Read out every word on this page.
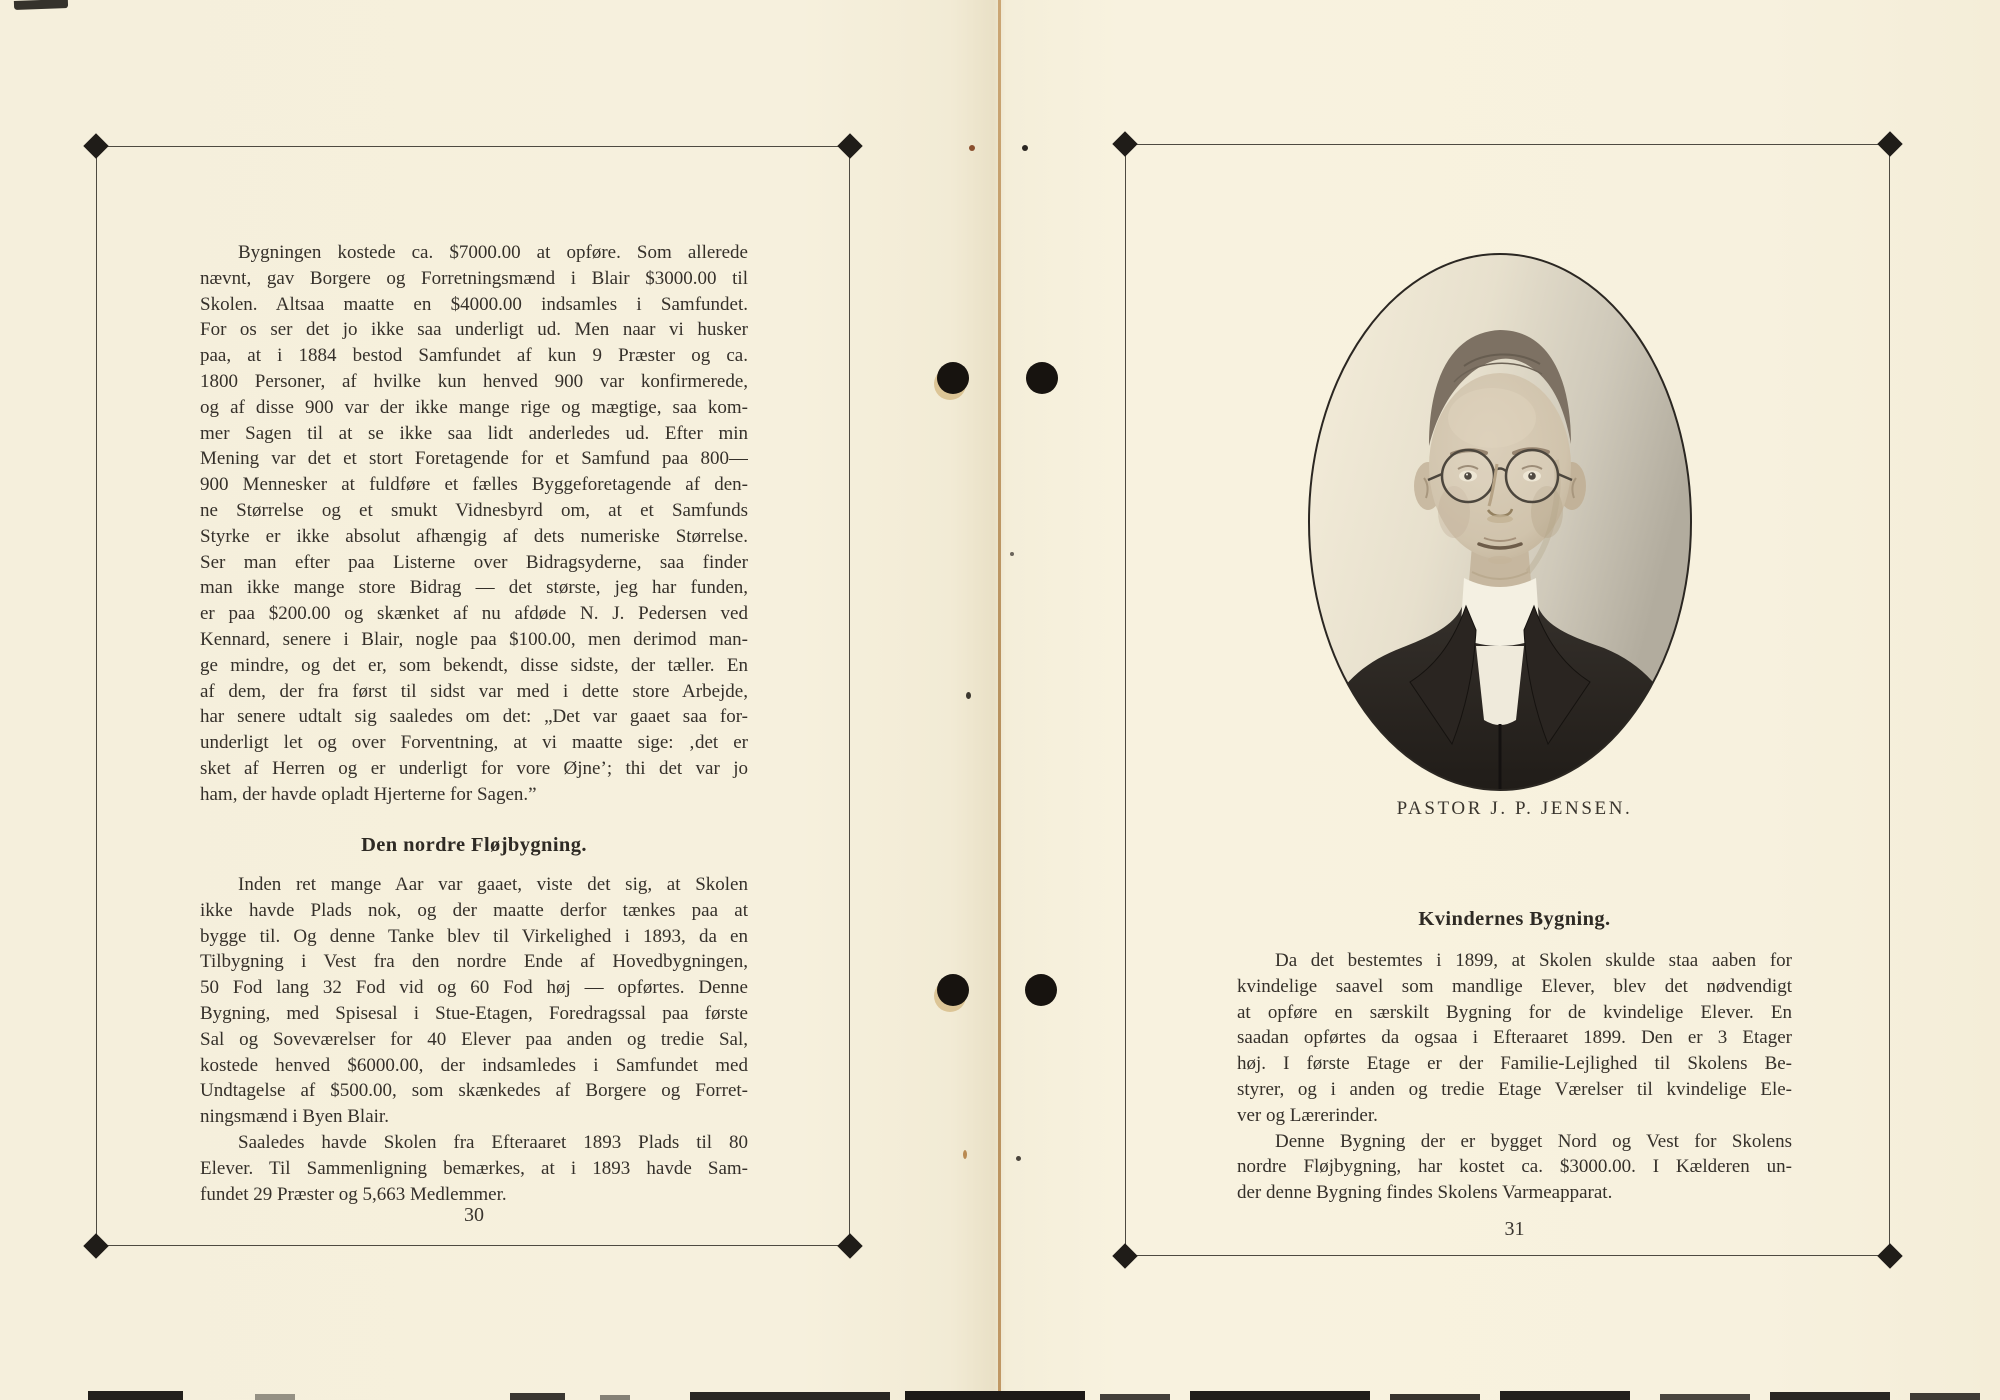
Bygningen kostede ca. $7000.00 at opføre. Som allerede
nævnt, gav Borgere og Forretningsmænd i Blair $3000.00 til
Skolen. Altsaa maatte en $4000.00 indsamles i Samfundet.
For os ser det jo ikke saa underligt ud. Men naar vi husker
paa, at i 1884 bestod Samfundet af kun 9 Præster og ca.
1800 Personer, af hvilke kun henved 900 var konfirmerede,
og af disse 900 var der ikke mange rige og mægtige, saa kom-
mer Sagen til at se ikke saa lidt anderledes ud. Efter min
Mening var det et stort Foretagende for et Samfund paa 800—
900 Mennesker at fuldføre et fælles Byggeforetagende af den-
ne Størrelse og et smukt Vidnesbyrd om, at et Samfunds
Styrke er ikke absolut afhængig af dets numeriske Størrelse.
Ser man efter paa Listerne over Bidragsyderne, saa finder
man ikke mange store Bidrag — det største, jeg har funden,
er paa $200.00 og skænket af nu afdøde N. J. Pedersen ved
Kennard, senere i Blair, nogle paa $100.00, men derimod man-
ge mindre, og det er, som bekendt, disse sidste, der tæller. En
af dem, der fra først til sidst var med i dette store Arbejde,
har senere udtalt sig saaledes om det: „Det var gaaet saa for-
underligt let og over Forventning, at vi maatte sige: ‚det er
sket af Herren og er underligt for vore Øjne’; thi det var jo
ham, der havde opladt Hjerterne for Sagen.”
Den nordre Fløjbygning.
Inden ret mange Aar var gaaet, viste det sig, at Skolen
ikke havde Plads nok, og der maatte derfor tænkes paa at
bygge til. Og denne Tanke blev til Virkelighed i 1893, da en
Tilbygning i Vest fra den nordre Ende af Hovedbygningen,
50 Fod lang 32 Fod vid og 60 Fod høj — opførtes. Denne
Bygning, med Spisesal i Stue-Etagen, Foredragssal paa første
Sal og Soveværelser for 40 Elever paa anden og tredie Sal,
kostede henved $6000.00, der indsamledes i Samfundet med
Undtagelse af $500.00, som skænkedes af Borgere og Forret-
ningsmænd i Byen Blair.
Saaledes havde Skolen fra Efteraaret 1893 Plads til 80
Elever. Til Sammenligning bemærkes, at i 1893 havde Sam-
fundet 29 Præster og 5,663 Medlemmer.
30
PASTOR J. P. JENSEN.
Kvindernes Bygning.
Da det bestemtes i 1899, at Skolen skulde staa aaben for
kvindelige saavel som mandlige Elever, blev det nødvendigt
at opføre en særskilt Bygning for de kvindelige Elever. En
saadan opførtes da ogsaa i Efteraaret 1899. Den er 3 Etager
høj. I første Etage er der Familie-Lejlighed til Skolens Be-
styrer, og i anden og tredie Etage Værelser til kvindelige Ele-
ver og Lærerinder.
Denne Bygning der er bygget Nord og Vest for Skolens
nordre Fløjbygning, har kostet ca. $3000.00. I Kælderen un-
der denne Bygning findes Skolens Varmeapparat.
31
